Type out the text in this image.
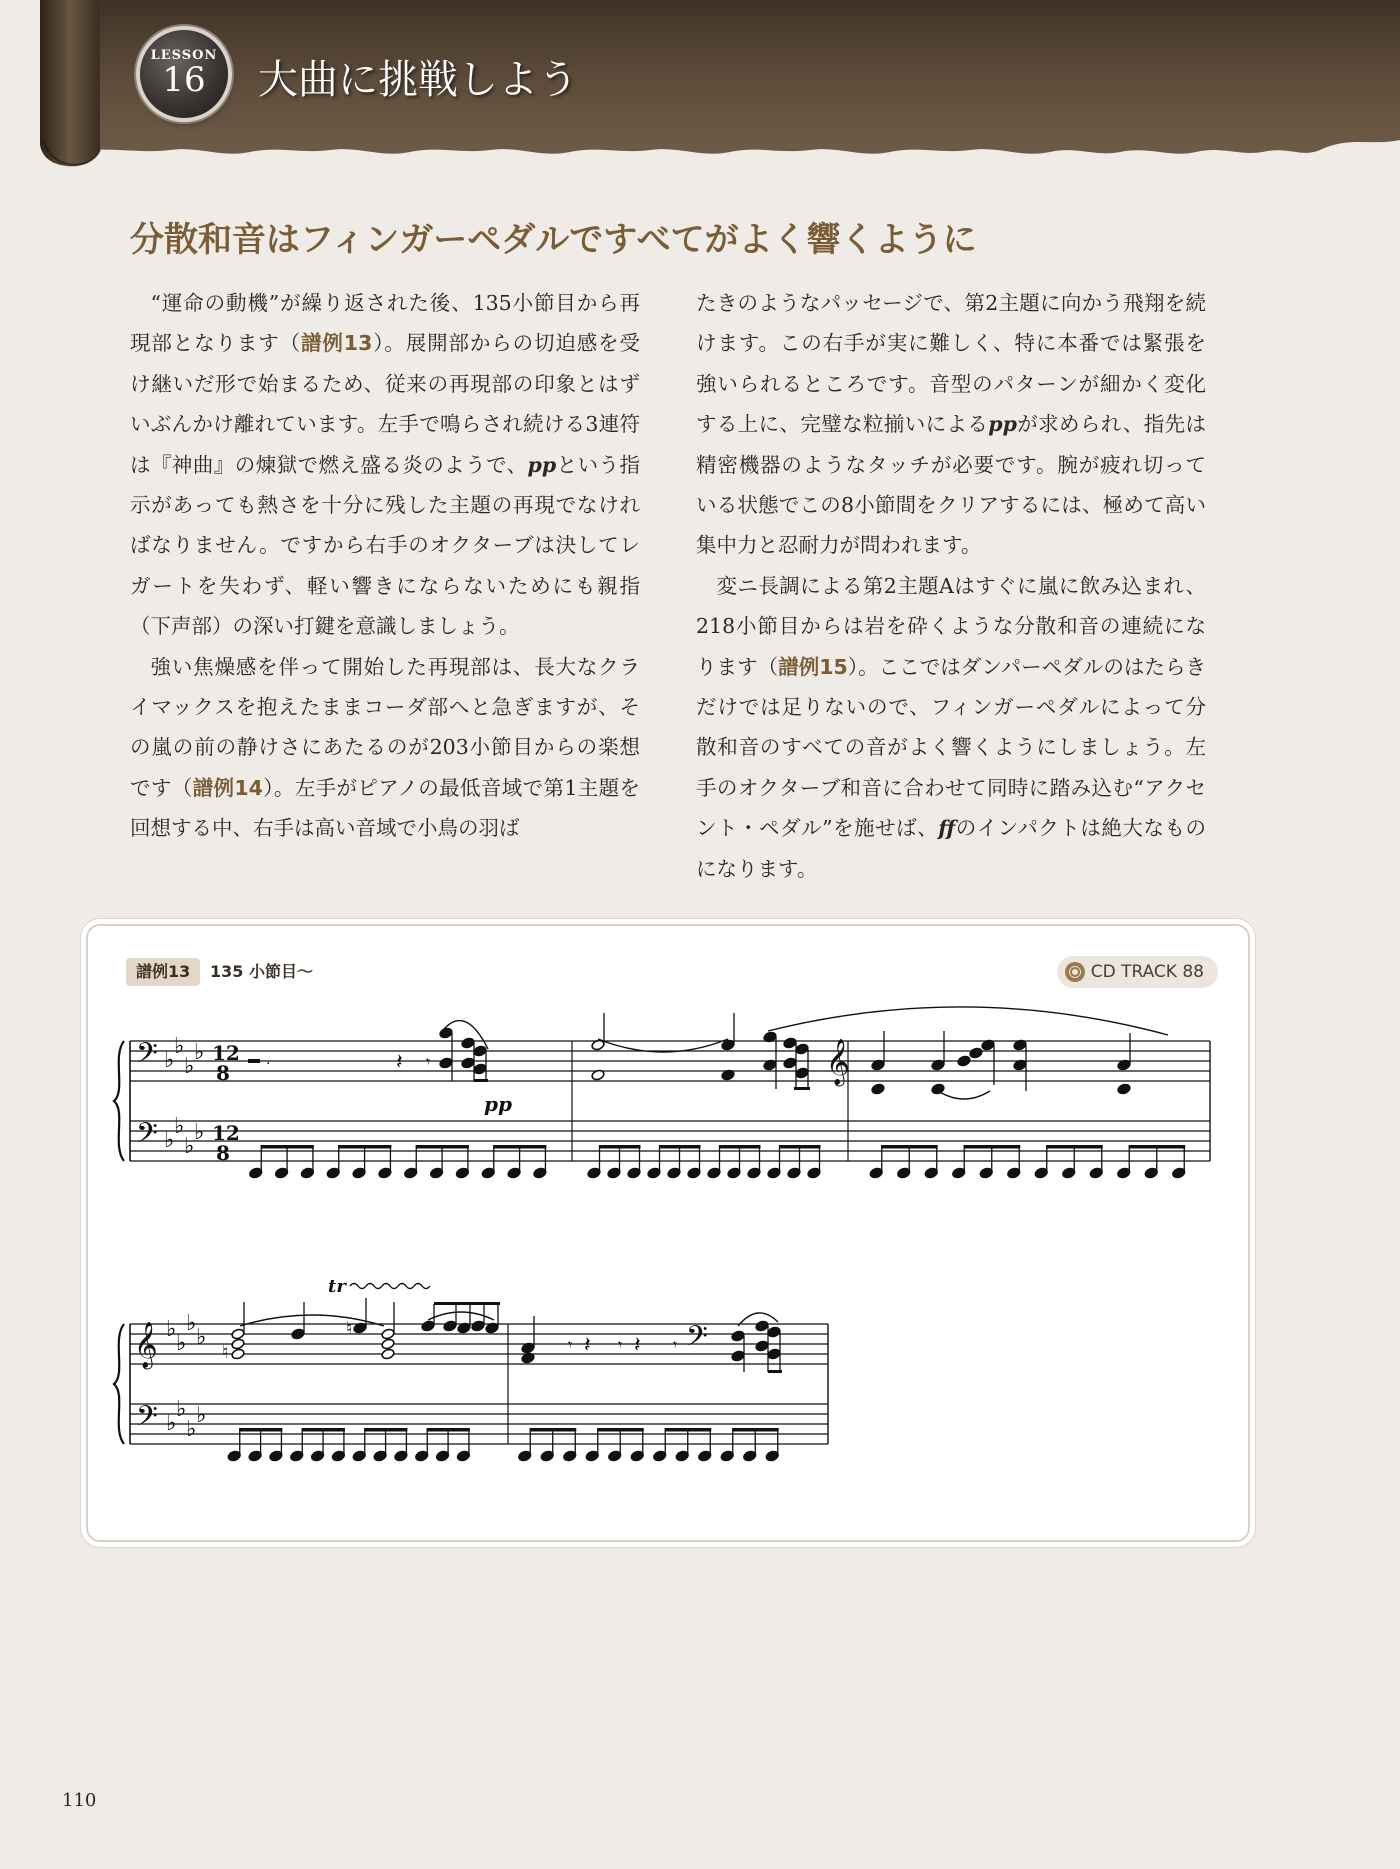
LESSON
16	大曲に挑戦しよう
分散和音はフィンガーペダルですべてがよく響くように

“運命の動機”が繰り返された後、135小節目から再現部となります（譜例13）。展開部からの切迫感を受け継いだ形で始まるため、従来の再現部の印象とはずいぶんかけ離れています。左手で鳴らされ続ける3連符は『神曲』の煉獄で燃え盛る炎のようで、ppという指示があっても熱さを十分に残した主題の再現でなければなりません。ですから右手のオクターブは決してレガートを失わず、軽い響きにならないためにも親指（下声部）の深い打鍵を意識しましょう。

強い焦燥感を伴って開始した再現部は、長大なクライマックスを抱えたままコーダ部へと急ぎますが、その嵐の前の静けさにあたるのが203小節目からの楽想です（譜例14）。左手がピアノの最低音域で第1主題を回想する中、右手は高い音域で小鳥の羽ば

たきのようなパッセージで、第2主題に向かう飛翔を続けます。この右手が実に難しく、特に本番では緊張を強いられるところです。音型のパターンが細かく変化する上に、完璧な粒揃いによるppが求められ、指先は精密機器のようなタッチが必要です。腕が疲れ切っている状態でこの8小節間をクリアするには、極めて高い集中力と忍耐力が問われます。

変ニ長調による第2主題Aはすぐに嵐に飲み込まれ、218小節目からは岩を砕くような分散和音の連続になります（譜例15）。ここではダンパーペダルのはたらきだけでは足りないので、フィンガーペダルによって分散和音のすべての音がよく響くようにしましょう。左手のオクターブ和音に合わせて同時に踏み込む“アクセント・ペダル”を施せば、ffのインパクトは絶大なものになります。

𝄢
𝄢
♭
♭
♭
♭
♭
♭
♭
♭
12
8
12
8
.	𝄽 𝄾
pp
𝄞
𝄞
𝄢
♭
♭
♭
♭
♭
♭
♭
♭
♮
♮
tr
𝄾 𝄽 𝄾 𝄽 𝄾 𝄢
譜例13	135 小節目〜	CD TRACK 88
110
